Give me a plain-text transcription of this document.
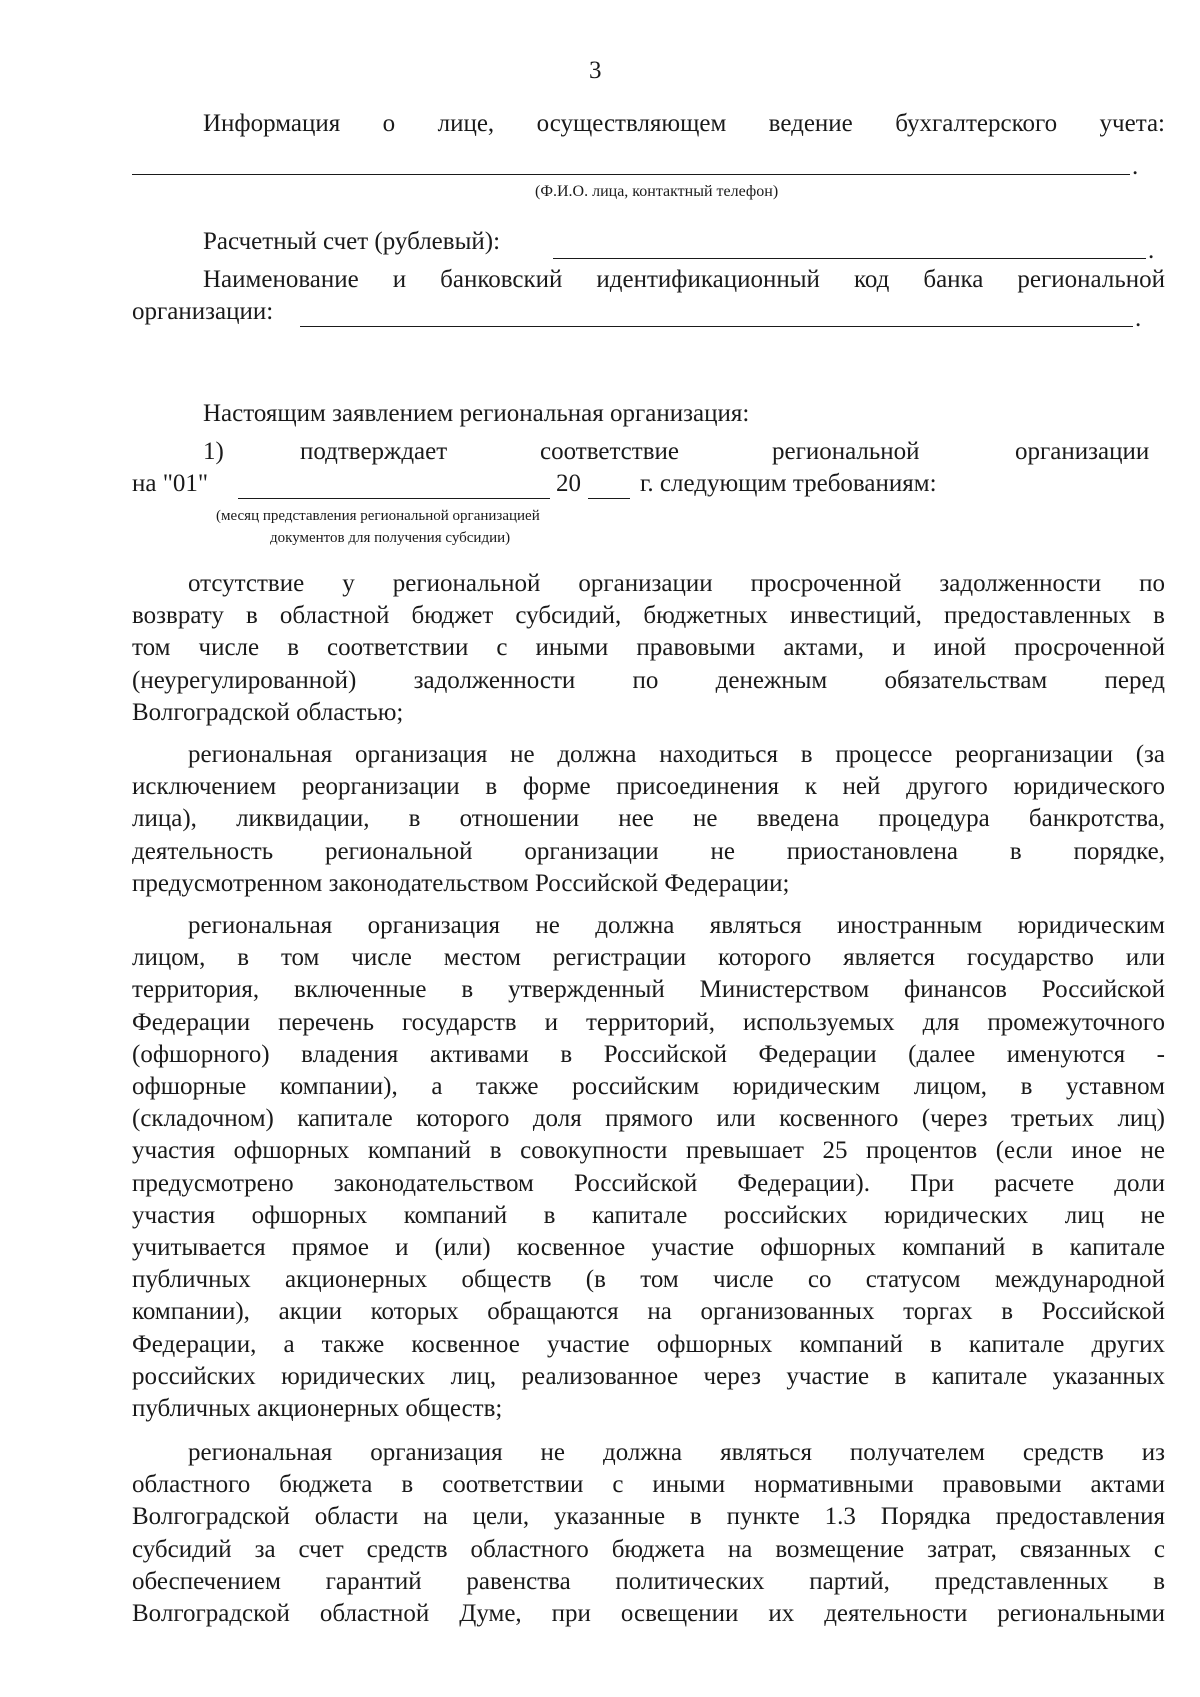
3
Информация о лице, осуществляющем ведение бухгалтерского учета:
.
(Ф.И.О. лица, контактный телефон)
Расчетный счет (рублевый):	.
Наименование и банковский идентификационный код банка региональной
организации:	.
Настоящим заявлением региональная организация:
1)	подтверждает	соответствие	региональной	организации
на "01"	20 г. следующим требованиям:
(месяц представления региональной организацией
документов для получения субсидии)
отсутствие у региональной организации просроченной задолженности по
возврату в областной бюджет субсидий, бюджетных инвестиций, предоставленных в
том числе в соответствии с иными правовыми актами, и иной просроченной
(неурегулированной) задолженности по денежным обязательствам перед
Волгоградской областью;
региональная организация не должна находиться в процессе реорганизации (за
исключением реорганизации в форме присоединения к ней другого юридического
лица), ликвидации, в отношении нее не введена процедура банкротства,
деятельность региональной организации не приостановлена в порядке,
предусмотренном законодательством Российской Федерации;
региональная организация не должна являться иностранным юридическим
лицом, в том числе местом регистрации которого является государство или
территория, включенные в утвержденный Министерством финансов Российской
Федерации перечень государств и территорий, используемых для промежуточного
(офшорного) владения активами в Российской Федерации (далее именуются -
офшорные компании), а также российским юридическим лицом, в уставном
(складочном) капитале которого доля прямого или косвенного (через третьих лиц)
участия офшорных компаний в совокупности превышает 25 процентов (если иное не
предусмотрено законодательством Российской Федерации). При расчете доли
участия офшорных компаний в капитале российских юридических лиц не
учитывается прямое и (или) косвенное участие офшорных компаний в капитале
публичных акционерных обществ (в том числе со статусом международной
компании), акции которых обращаются на организованных торгах в Российской
Федерации, а также косвенное участие офшорных компаний в капитале других
российских юридических лиц, реализованное через участие в капитале указанных
публичных акционерных обществ;
региональная организация не должна являться получателем средств из
областного бюджета в соответствии с иными нормативными правовыми актами
Волгоградской области на цели, указанные в пункте 1.3 Порядка предоставления
субсидий за счет средств областного бюджета на возмещение затрат, связанных с
обеспечением гарантий равенства политических партий, представленных в
Волгоградской областной Думе, при освещении их деятельности региональными
